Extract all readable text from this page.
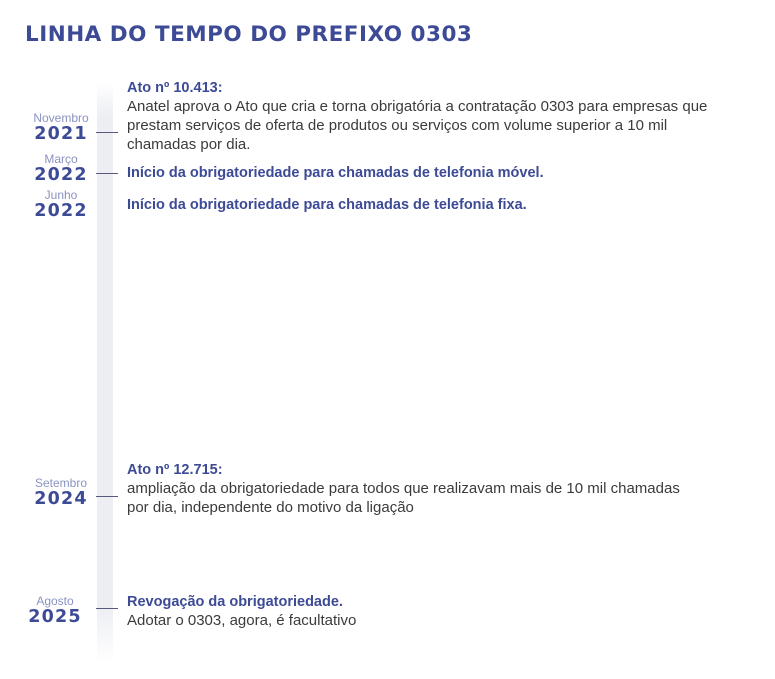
LINHA DO TEMPO DO PREFIXO 0303
Novembro
2021
Ato nº 10.413:
Anatel aprova o Ato que cria e torna obrigatória a contratação 0303 para empresas que prestam serviços de oferta de produtos ou serviços com volume superior a 10 mil chamadas por dia.
Março
2022	Início da obrigatoriedade para chamadas de telefonia móvel.
Junho
2022	Início da obrigatoriedade para chamadas de telefonia fixa.
Setembro
2024
Ato nº 12.715:
ampliação da obrigatoriedade para todos que realizavam mais de 10 mil chamadas por dia, independente do motivo da ligação
Agosto
2025
Revogação da obrigatoriedade.
Adotar o 0303, agora, é facultativo
